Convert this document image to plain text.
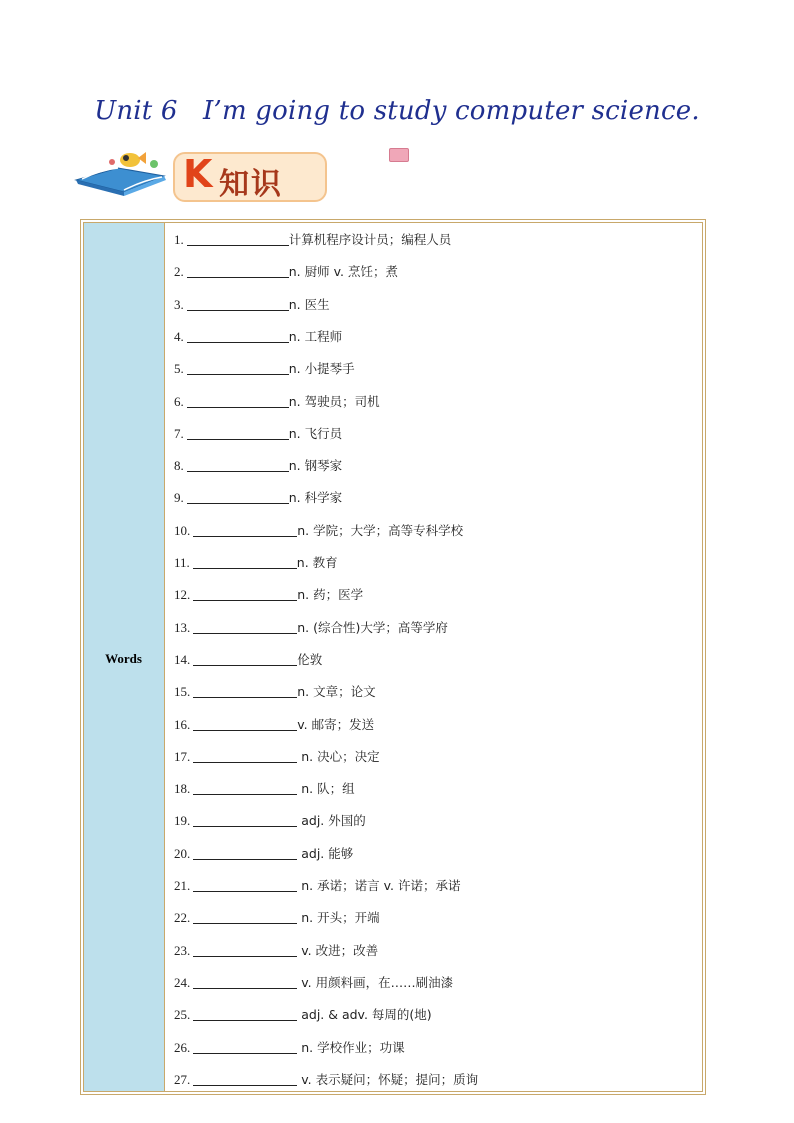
Unit 6   I’m going to study computer science.
K 知识
Words
1.	计算机程序设计员；编程人员
2.	n. 厨师 v. 烹饪；煮
3.	n. 医生
4.	n. 工程师
5.	n. 小提琴手
6.	n. 驾驶员；司机
7.	n. 飞行员
8.	n. 钢琴家
9.	n. 科学家
10.	n. 学院；大学；高等专科学校
11.	n. 教育
12.	n. 药；医学
13.	n. (综合性)大学；高等学府
14.	伦敦
15.	n. 文章；论文
16.	v. 邮寄；发送
17.	n. 决心；决定
18.	n. 队；组
19.	adj. 外国的
20.	adj. 能够
21.	n. 承诺；诺言 v. 许诺；承诺
22.	n. 开头；开端
23.	v. 改进；改善
24.	v. 用颜料画，在……刷油漆
25.	adj. & adv. 每周的(地)
26.	n. 学校作业；功课
27.	v. 表示疑问；怀疑；提问；质询
